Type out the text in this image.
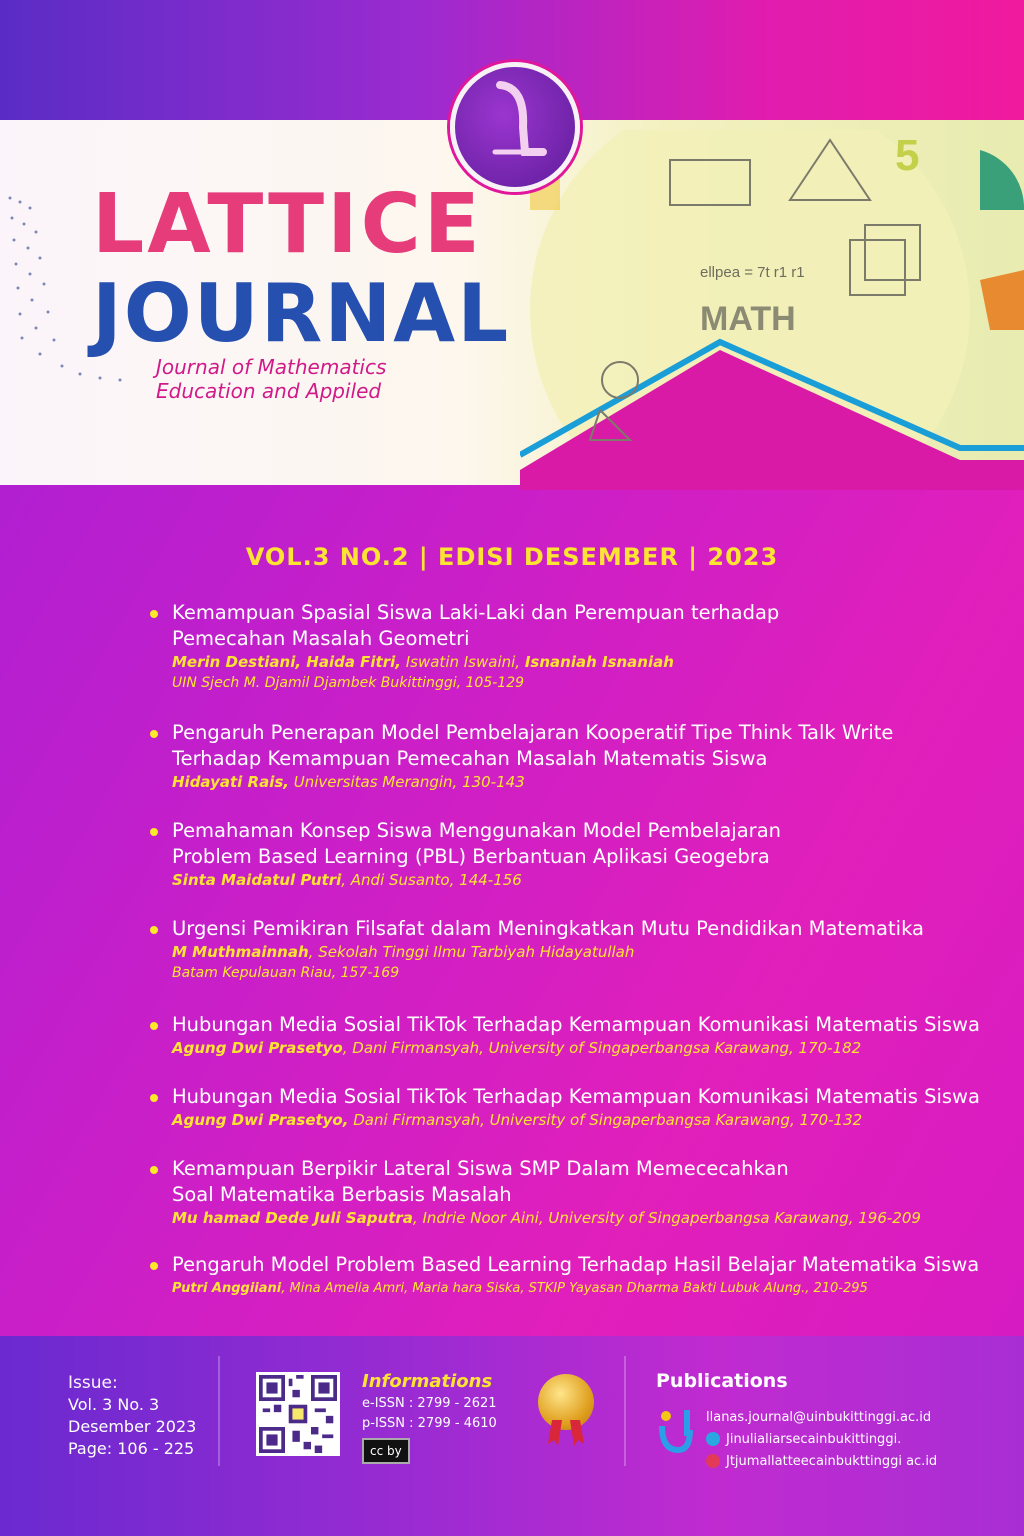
MATH
ellpea = 7t r1 r1
5
LATTICE
JOURNAL
Journal of Mathematics
Education and Appiled
VOL.3 NO.2 | EDISI DESEMBER | 2023
Kemampuan Spasial Siswa Laki-Laki dan Perempuan terhadap
Pemecahan Masalah Geometri
Merin Destiani, Haida Fitri, Iswatin Iswaini, Isnaniah Isnaniah
UIN Sjech M. Djamil Djambek Bukittinggi, 105-129
Pengaruh Penerapan Model Pembelajaran Kooperatif Tipe Think Talk Write
Terhadap Kemampuan Pemecahan Masalah Matematis Siswa
Hidayati Rais, Universitas Merangin, 130-143
Pemahaman Konsep Siswa Menggunakan Model Pembelajaran
Problem Based Learning (PBL) Berbantuan Aplikasi Geogebra
Sinta Maidatul Putri, Andi Susanto, 144-156
Urgensi Pemikiran Filsafat dalam Meningkatkan Mutu Pendidikan Matematika
M Muthmainnah, Sekolah Tinggi Ilmu Tarbiyah Hidayatullah
Batam Kepulauan Riau, 157-169
Hubungan Media Sosial TikTok Terhadap Kemampuan Komunikasi Matematis Siswa
Agung Dwi Prasetyo, Dani Firmansyah, University of Singaperbangsa Karawang, 170-182
Hubungan Media Sosial TikTok Terhadap Kemampuan Komunikasi Matematis Siswa
Agung Dwi Prasetyo, Dani Firmansyah, University of Singaperbangsa Karawang, 170-132
Kemampuan Berpikir Lateral Siswa SMP Dalam Memececahkan
Soal Matematika Berbasis Masalah
Mu hamad Dede Juli Saputra, Indrie Noor Aini, University of Singaperbangsa Karawang, 196-209
Pengaruh Model Problem Based Learning Terhadap Hasil Belajar Matematika Siswa
Putri Anggiiani, Mina Amelia Amri, Maria hara Siska, STKIP Yayasan Dharma Bakti Lubuk Alung., 210-295
Issue:
Vol. 3 No. 3
Desember 2023
Page: 106 - 225
Informations
e-ISSN : 2799 - 2621
p-ISSN : 2799 - 4610
cc by
Publications
llanas.journal@uinbukittinggi.ac.id
Jinulialiarsecainbukittinggi.
Jtjumallatteecainbukttinggi ac.id
